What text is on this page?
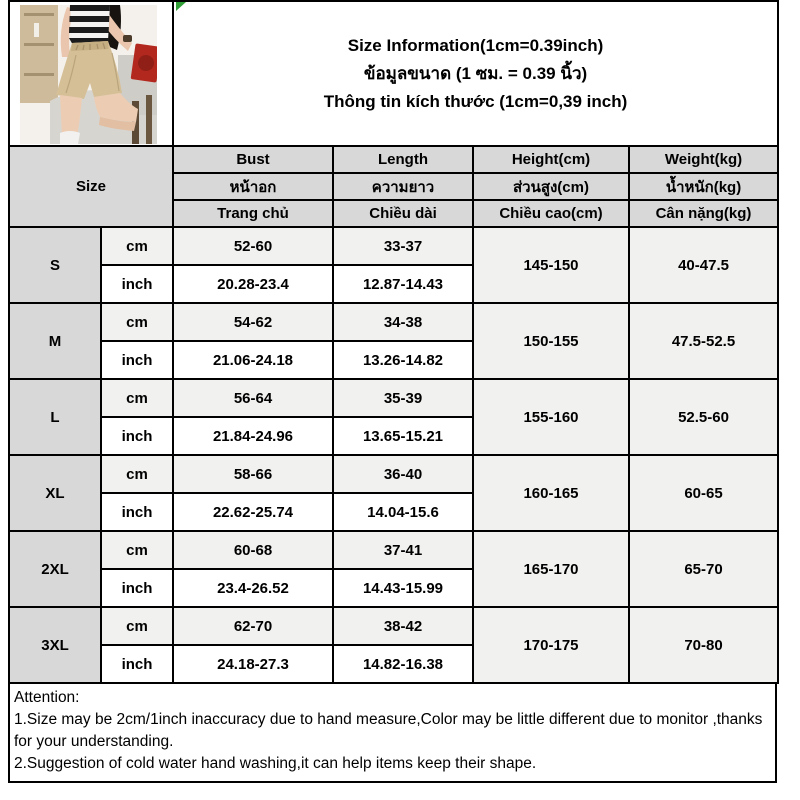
Size Information(1cm=0.39inch)
ข้อมูลขนาด (1 ซม. = 0.39 นิ้ว)
Thông tin kích thước (1cm=0,39 inch)			

Size		Bust	Length	Height(cm)	Weight(kg)
		หน้าอก	ความยาว	ส่วนสูง(cm)	น้ำหนัก(kg)
		Trang chủ	Chiều dài	Chiều cao(cm)	Cân nặng(kg)
S	cm	52-60	33-37	145-150	40-47.5
	inch	20.28-23.4	12.87-14.43		
M	cm	54-62	34-38	150-155	47.5-52.5
	inch	21.06-24.18	13.26-14.82		
L	cm	56-64	35-39	155-160	52.5-60
	inch	21.84-24.96	13.65-15.21		
XL	cm	58-66	36-40	160-165	60-65
	inch	22.62-25.74	14.04-15.6		
2XL	cm	60-68	37-41	165-170	65-70
	inch	23.4-26.52	14.43-15.99		
3XL	cm	62-70	38-42	170-175	70-80
	inch	24.18-27.3	14.82-16.38		

Attention:

1.Size may be 2cm/1inch inaccuracy due to hand measure,Color may be little different due to monitor ,thanks for your understanding.

2.Suggestion of cold water hand washing,it can help items keep their shape.
